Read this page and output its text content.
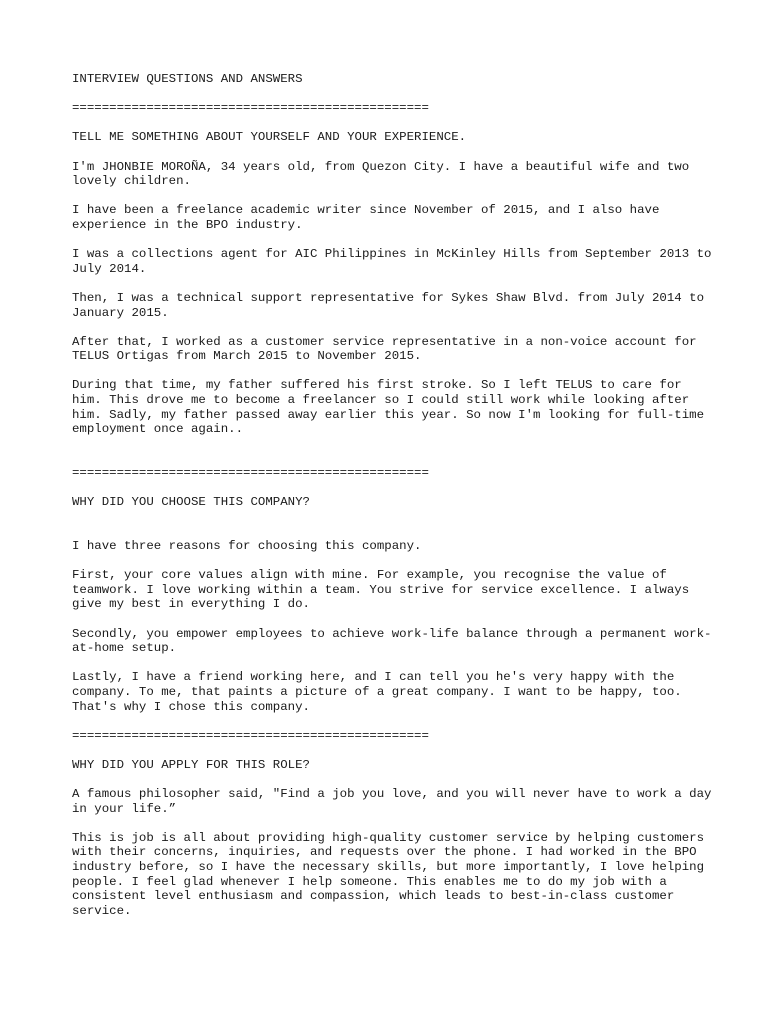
INTERVIEW QUESTIONS AND ANSWERS

================================================

TELL ME SOMETHING ABOUT YOURSELF AND YOUR EXPERIENCE.

I'm JHONBIE MOROÑA, 34 years old, from Quezon City. I have a beautiful wife and two lovely children.

I have been a freelance academic writer since November of 2015, and I also have experience in the BPO industry.

I was a collections agent for AIC Philippines in McKinley Hills from September 2013 to July 2014.

Then, I was a technical support representative for Sykes Shaw Blvd. from July 2014 to January 2015.

After that, I worked as a customer service representative in a non-voice account for TELUS Ortigas from March 2015 to November 2015.

During that time, my father suffered his first stroke. So I left TELUS to care for him. This drove me to become a freelancer so I could still work while looking after him. Sadly, my father passed away earlier this year. So now I'm looking for full-time employment once again..

================================================

WHY DID YOU CHOOSE THIS COMPANY?

I have three reasons for choosing this company.

First, your core values align with mine. For example, you recognise the value of teamwork. I love working within a team. You strive for service excellence. I always give my best in everything I do.

Secondly, you empower employees to achieve work-life balance through a permanent work-at-home setup.

Lastly, I have a friend working here, and I can tell you he's very happy with the company. To me, that paints a picture of a great company. I want to be happy, too. That's why I chose this company.

================================================

WHY DID YOU APPLY FOR THIS ROLE?

A famous philosopher said, "Find a job you love, and you will never have to work a day in your life.”

This is job is all about providing high-quality customer service by helping customers with their concerns, inquiries, and requests over the phone. I had worked in the BPO industry before, so I have the necessary skills, but more importantly, I love helping people. I feel glad whenever I help someone. This enables me to do my job with a consistent level enthusiasm and compassion, which leads to best-in-class customer service.
